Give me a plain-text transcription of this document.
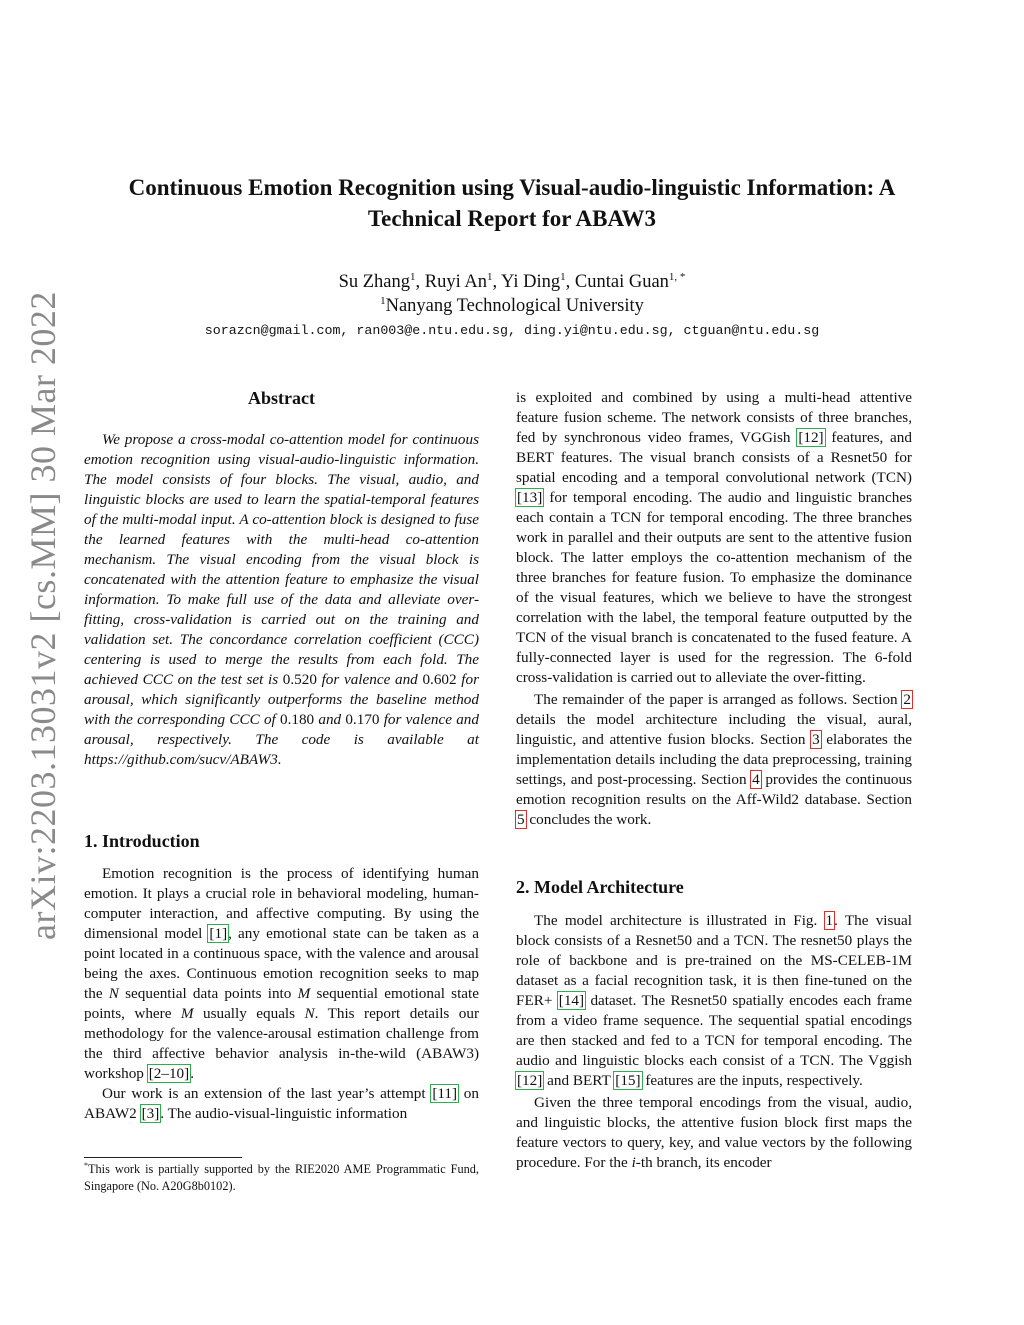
arXiv:2203.13031v2 [cs.MM] 30 Mar 2022
Continuous Emotion Recognition using Visual-audio-linguistic Information: A Technical Report for ABAW3
Su Zhang$^1$, Ruyi An$^1$, Yi Ding$^1$, Cuntai Guan$^{1, *}$
$^1$Nanyang Technological University
sorazcn@gmail.com, ran003@e.ntu.edu.sg, ding.yi@ntu.edu.sg, ctguan@ntu.edu.sg
Abstract
We propose a cross-modal co-attention model for continuous emotion recognition using visual-audio-linguistic information. The model consists of four blocks. The visual, audio, and linguistic blocks are used to learn the spatial-temporal features of the multi-modal input. A co-attention block is designed to fuse the learned features with the multi-head co-attention mechanism. The visual encoding from the visual block is concatenated with the attention feature to emphasize the visual information. To make full use of the data and alleviate over-fitting, cross-validation is carried out on the training and validation set. The concordance correlation coefficient (CCC) centering is used to merge the results from each fold. The achieved CCC on the test set is 0.520 for valence and 0.602 for arousal, which significantly outperforms the baseline method with the corresponding CCC of 0.180 and 0.170 for valence and arousal, respectively. The code is available at https://github.com/sucv/ABAW3.
1. Introduction

Emotion recognition is the process of identifying human emotion. It plays a crucial role in behavioral modeling, human-computer interaction, and affective computing. By using the dimensional model [1], any emotional state can be taken as a point located in a continuous space, with the valence and arousal being the axes. Continuous emotion recognition seeks to map the N sequential data points into M sequential emotional state points, where M usually equals N. This report details our methodology for the valence-arousal estimation challenge from the third affective behavior analysis in-the-wild (ABAW3) workshop [2–10].

Our work is an extension of the last year’s attempt [11] on ABAW2 [3]. The audio-visual-linguistic information

*This work is partially supported by the RIE2020 AME Programmatic Fund, Singapore (No. A20G8b0102).

is exploited and combined by using a multi-head attentive feature fusion scheme. The network consists of three branches, fed by synchronous video frames, VGGish [12] features, and BERT features. The visual branch consists of a Resnet50 for spatial encoding and a temporal convolutional network (TCN) [13] for temporal encoding. The audio and linguistic branches each contain a TCN for temporal encoding. The three branches work in parallel and their outputs are sent to the attentive fusion block. The latter employs the co-attention mechanism of the three branches for feature fusion. To emphasize the dominance of the visual features, which we believe to have the strongest correlation with the label, the temporal feature outputted by the TCN of the visual branch is concatenated to the fused feature. A fully-connected layer is used for the regression. The 6-fold cross-validation is carried out to alleviate the over-fitting.

The remainder of the paper is arranged as follows. Section 2 details the model architecture including the visual, aural, linguistic, and attentive fusion blocks. Section 3 elaborates the implementation details including the data preprocessing, training settings, and post-processing. Section 4 provides the continuous emotion recognition results on the Aff-Wild2 database. Section 5 concludes the work.

2. Model Architecture

The model architecture is illustrated in Fig. 1. The visual block consists of a Resnet50 and a TCN. The resnet50 plays the role of backbone and is pre-trained on the MS-CELEB-1M dataset as a facial recognition task, it is then fine-tuned on the FER+ [14] dataset. The Resnet50 spatially encodes each frame from a video frame sequence. The sequential spatial encodings are then stacked and fed to a TCN for temporal encoding. The audio and linguistic blocks each consist of a TCN. The Vggish [12] and BERT [15] features are the inputs, respectively.

Given the three temporal encodings from the visual, audio, and linguistic blocks, the attentive fusion block first maps the feature vectors to query, key, and value vectors by the following procedure. For the i-th branch, its encoder
